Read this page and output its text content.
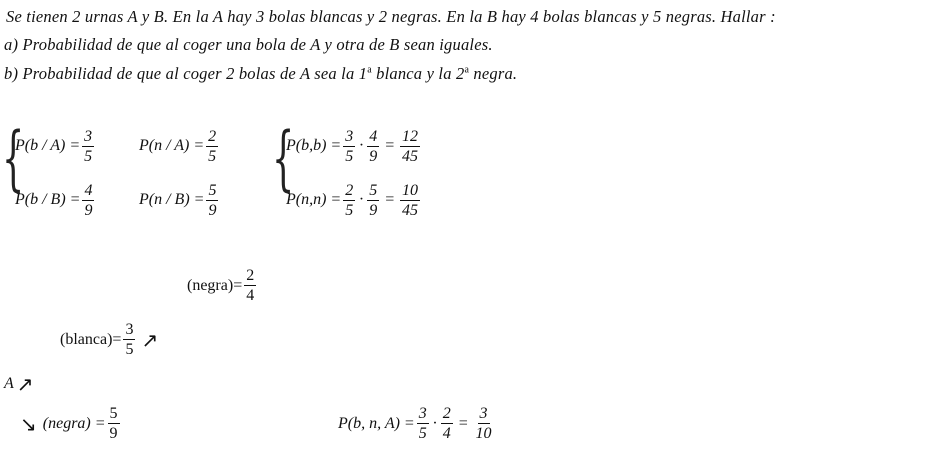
Se tienen 2 urnas A y B. En la A hay 3 bolas blancas y 2 negras. En la B hay 4 bolas blancas y 5 negras. Hallar :
a) Probabilidad de que al coger una bola de A y otra de B sean iguales.
b) Probabilidad de que al coger 2 bolas de A sea la 1$^a$ blanca y la 2$^a$ negra.
{
$P(b / A) = \frac{3}{5}$	$P(n / A) = \frac{2}{5}$
$P(b / B) = \frac{4}{9}$	$P(n / B) = \frac{5}{9}$
{
$P(b,b) = \frac{3}{5} \cdot \frac{4}{9} = \frac{12}{45}$
$P(n,n) = \frac{2}{5} \cdot \frac{5}{9} = \frac{10}{45}$
(negra)= $\frac{2}{4}$
(blanca)= $\frac{3}{5}$ ↗
A ↗
↘ (negra) = $\frac{5}{9}$	P(b, n, $A) = \frac{3}{5} \cdot \frac{2}{4} = \frac{3}{10}$
